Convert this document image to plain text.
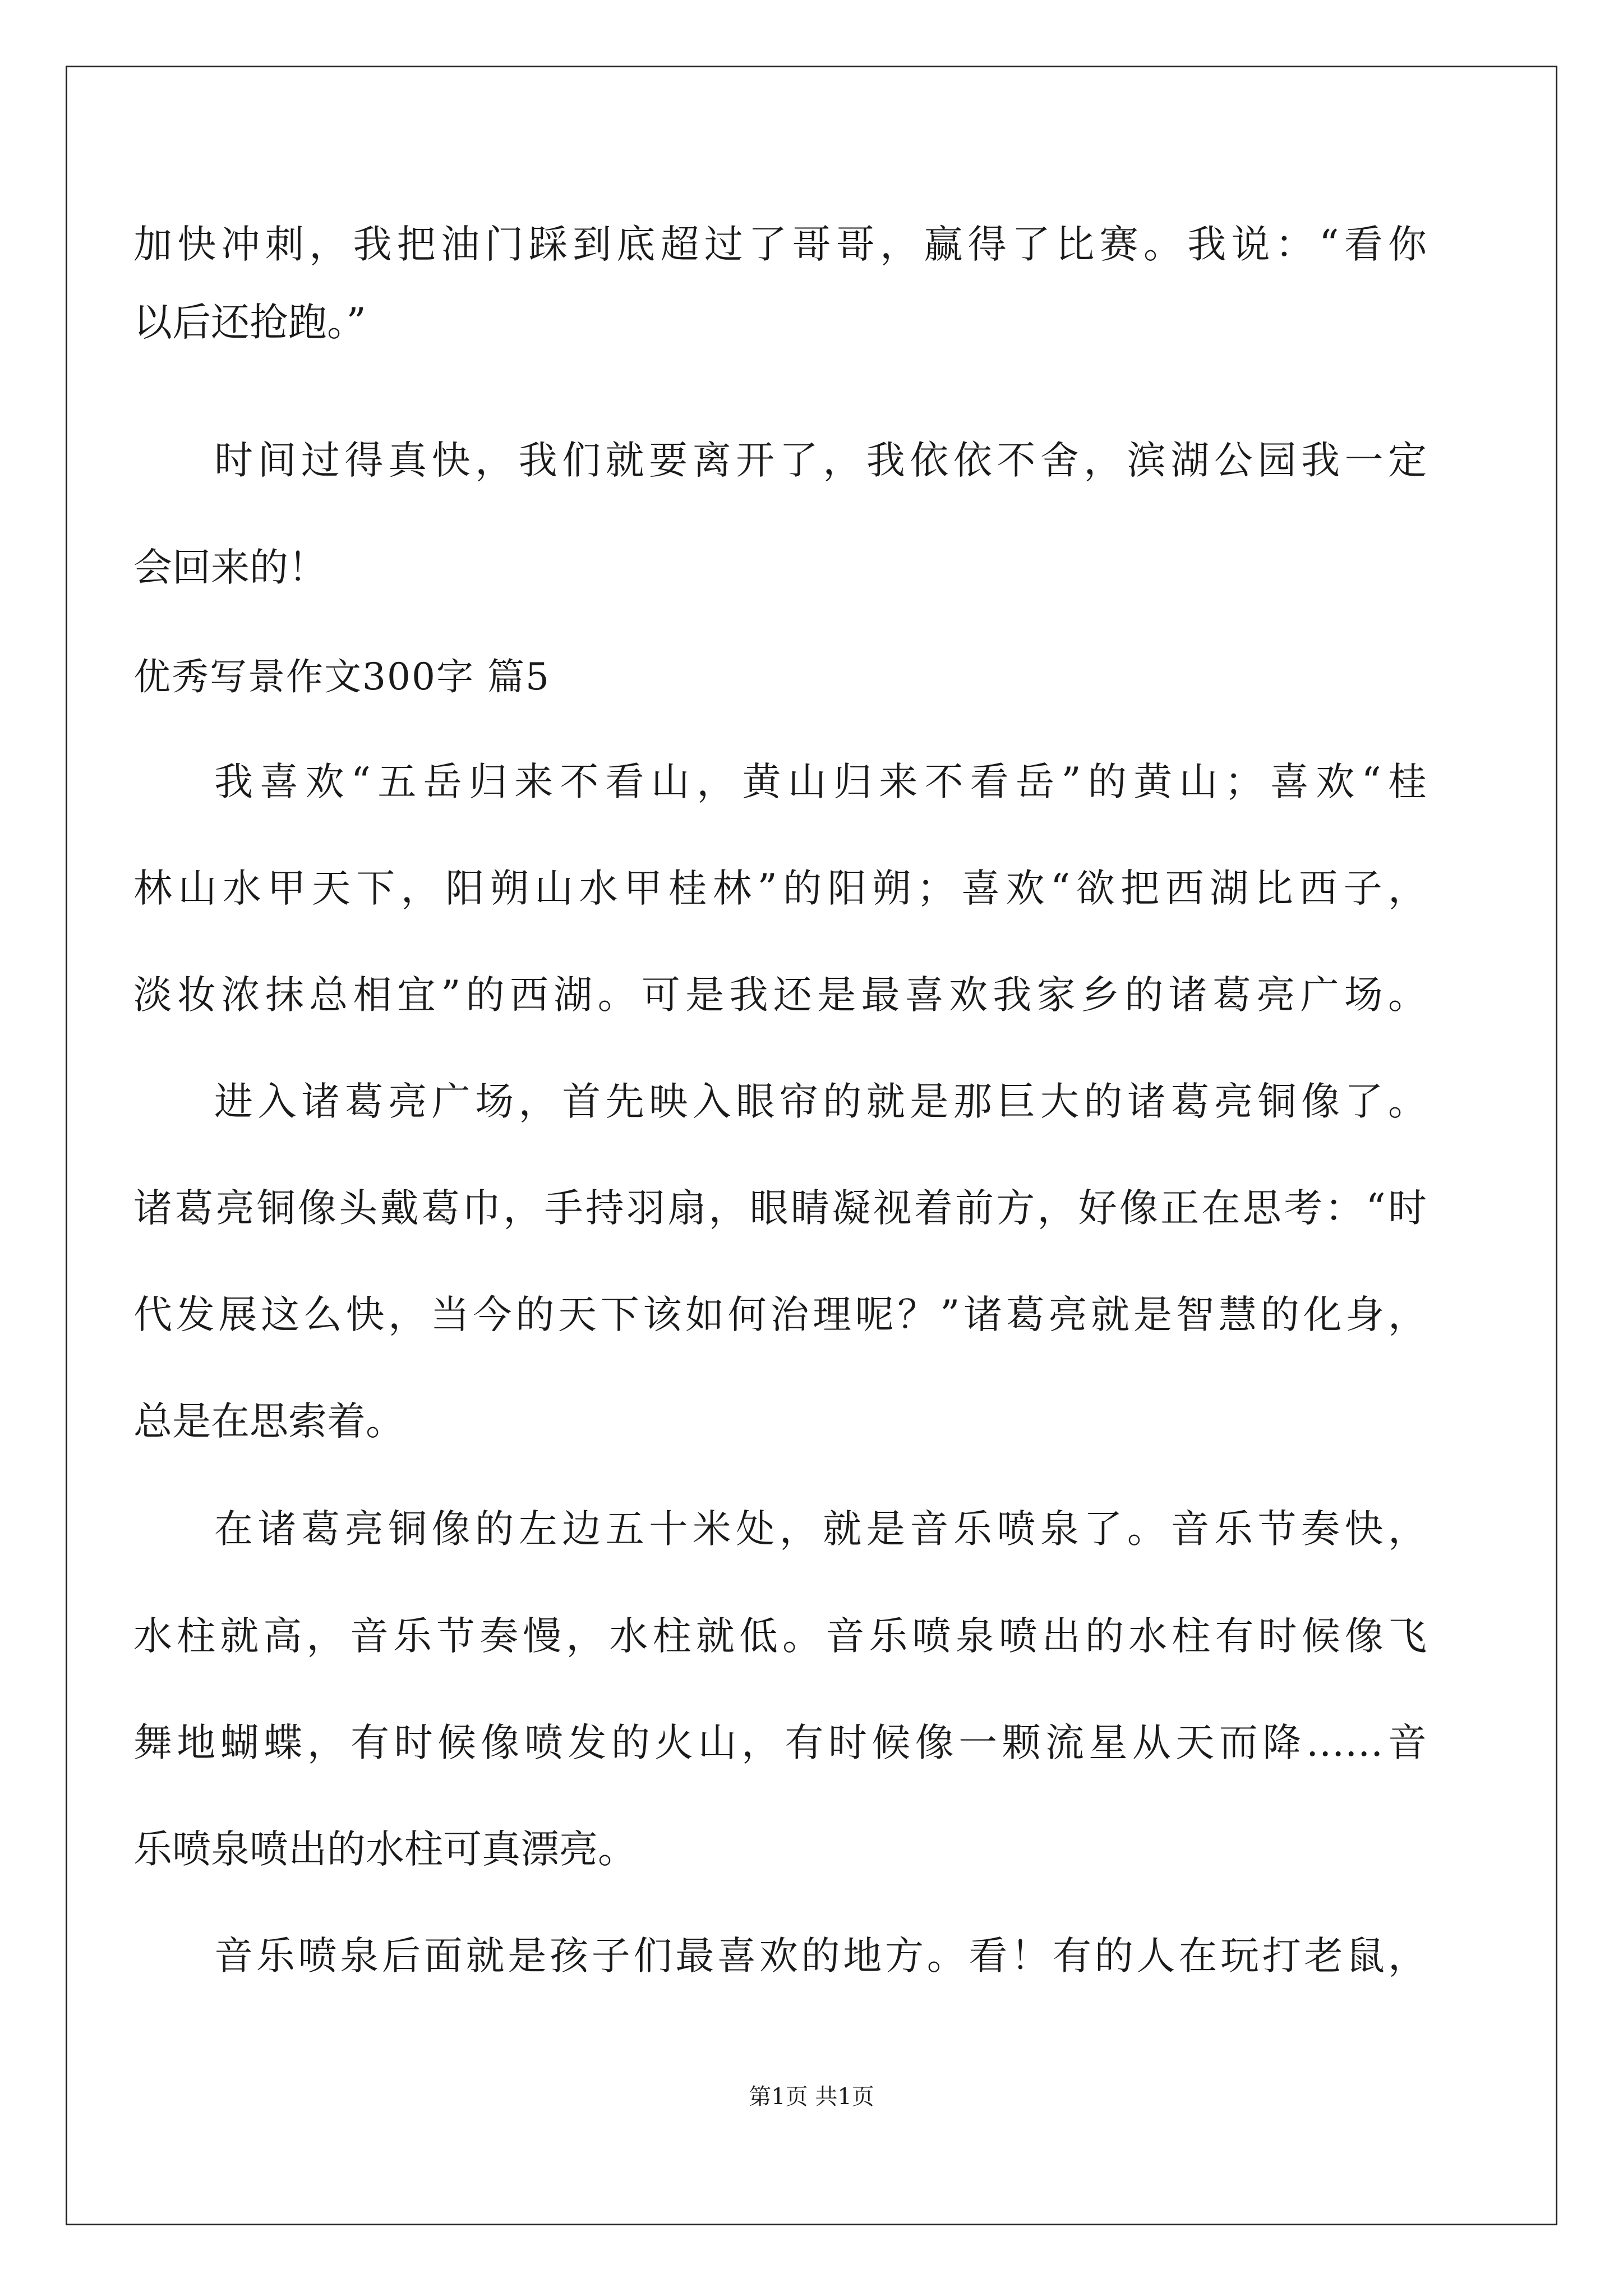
加快冲刺，我把油门踩到底超过了哥哥，赢得了比赛。我说：“看你
以后还抢跑。”
时间过得真快，我们就要离开了，我依依不舍，滨湖公园我一定
会回来的！
优秀写景作文300字 篇5
我喜欢“五岳归来不看山，黄山归来不看岳”的黄山；喜欢“桂
林山水甲天下，阳朔山水甲桂林”的阳朔；喜欢“欲把西湖比西子，
淡妆浓抹总相宜”的西湖。可是我还是最喜欢我家乡的诸葛亮广场。
进入诸葛亮广场，首先映入眼帘的就是那巨大的诸葛亮铜像了。
诸葛亮铜像头戴葛巾，手持羽扇，眼睛凝视着前方，好像正在思考：“时
代发展这么快，当今的天下该如何治理呢？”诸葛亮就是智慧的化身，
总是在思索着。
在诸葛亮铜像的左边五十米处，就是音乐喷泉了。音乐节奏快，
水柱就高，音乐节奏慢，水柱就低。音乐喷泉喷出的水柱有时候像飞
舞地蝴蝶，有时候像喷发的火山，有时候像一颗流星从天而降……音
乐喷泉喷出的水柱可真漂亮。
音乐喷泉后面就是孩子们最喜欢的地方。看！有的人在玩打老鼠，
第1页 共1页
